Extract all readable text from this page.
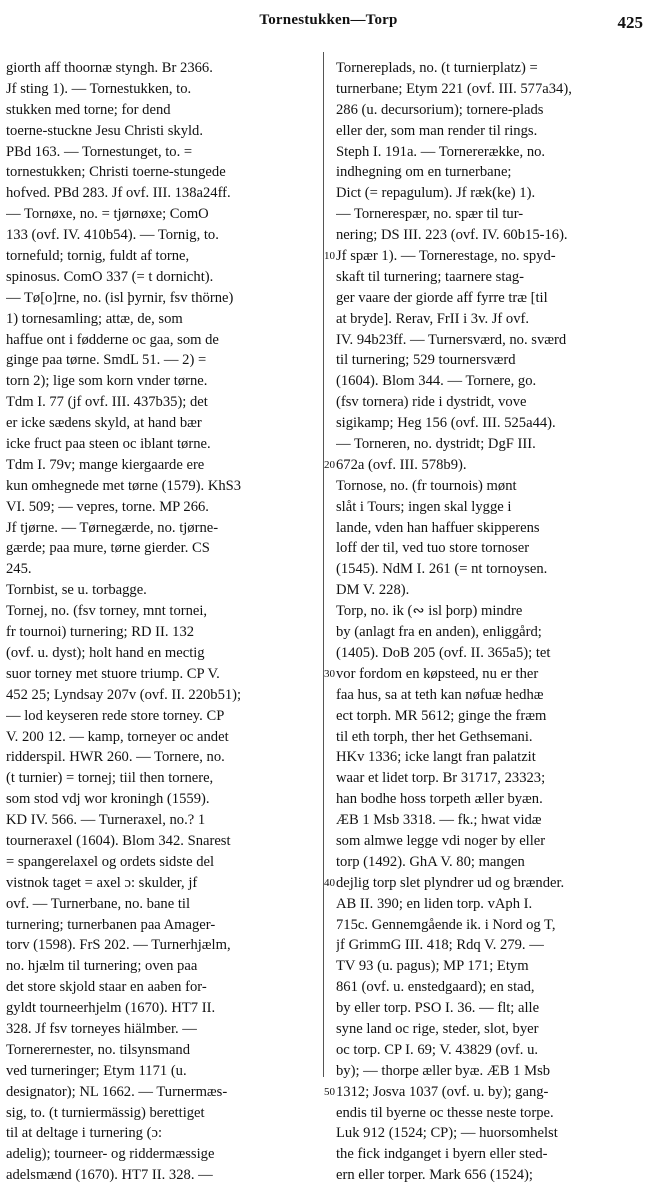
Tornestukken—Torp	425
giorth aff thoornæ styngh. Br 2366.
Jf sting 1). — Tornestukken, to.
stukken med torne; for dend
toerne-stuckne Jesu Christi skyld.
PBd 163. — Tornestunget, to. =
tornestukken; Christi toerne-stungede
hofved. PBd 283. Jf ovf. III. 138a24ff.
— Tornøxe, no. = tjørnøxe; ComO
133 (ovf. IV. 410b54). — Tornig, to.
tornefuld; tornig, fuldt af torne,
spinosus. ComO 337 (= t dornicht).
— Tø[o]rne, no. (isl þyrnir, fsv thörne)
1) tornesamling; attæ, de, som
haffue ont i fødderne oc gaa, som de
ginge paa tørne. SmdL 51. — 2) =
torn 2); lige som korn vnder tørne.
Tdm I. 77 (jf ovf. III. 437b35); det
er icke sædens skyld, at hand bær
icke fruct paa steen oc iblant tørne.
Tdm I. 79v; mange kiergaarde ere
kun omhegnede met tørne (1579). KhS3
VI. 509; — vepres, torne. MP 266.
Jf tjørne. — Tørnegærde, no. tjørne-
gærde; paa mure, tørne gierder. CS
245.
Tornbist, se u. torbagge.
Tornej, no. (fsv torney, mnt tornei,
fr tournoi) turnering; RD II. 132
(ovf. u. dyst); holt hand en mectig
suor torney met stuore triump. CP V.
452 25; Lyndsay 207v (ovf. II. 220b51);
— lod keyseren rede store torney. CP
V. 200 12. — kamp, torneyer oc andet
ridderspil. HWR 260. — Tornere, no.
(t turnier) = tornej; tiil then tornere,
som stod vdj wor kroningh (1559).
KD IV. 566. — Turneraxel, no.? 1
tourneraxel (1604). Blom 342. Snarest
= spangerelaxel og ordets sidste del
vistnok taget = axel ɔ: skulder, jf
ovf. — Turnerbane, no. bane til
turnering; turnerbanen paa Amager-
torv (1598). FrS 202. — Turnerhjælm,
no. hjælm til turnering; oven paa
det store skjold staar en aaben for-
gyldt tourneerhjelm (1670). HT7 II.
328. Jf fsv torneyes hiälmber. —
Tornerernester, no. tilsynsmand
ved turneringer; Etym 1171 (u.
designator); NL 1662. — Turnermæs-
sig, to. (t turniermässig) berettiget
til at deltage i turnering (ɔ:
adelig); tourneer- og riddermæssige
adelsmænd (1670). HT7 II. 328. —
10
20
30
40
50
Tornereplads, no. (t turnierplatz) =
turnerbane; Etym 221 (ovf. III. 577a34),
286 (u. decursorium); tornere-plads
eller der, som man render til rings.
Steph I. 191a. — Tornererække, no.
indhegning om en turnerbane;
Dict (= repagulum). Jf ræk(ke) 1).
— Tornerespær, no. spær til tur-
nering; DS III. 223 (ovf. IV. 60b15-16).
Jf spær 1). — Tornerestage, no. spyd-
skaft til turnering; taarnere stag-
ger vaare der giorde aff fyrre træ [til
at bryde]. Rerav, FrII i 3v. Jf ovf.
IV. 94b23ff. — Turnersværd, no. sværd
til turnering; 529 tournersværd
(1604). Blom 344. — Tornere, go.
(fsv tornera) ride i dystridt, vove
sigikamp; Heg 156 (ovf. III. 525a44).
— Torneren, no. dystridt; DgF III.
672a (ovf. III. 578b9).
Tornose, no. (fr tournois) mønt
slåt i Tours; ingen skal lygge i
lande, vden han haffuer skipperens
loff der til, ved tuo store tornoser
(1545). NdM I. 261 (= nt tornoysen.
DM V. 228).
Torp, no. ik (∾ isl þorp) mindre
by (anlagt fra en anden), enliggård;
(1405). DoB 205 (ovf. II. 365a5); tet
vor fordom en køpsteed, nu er ther
faa hus, sa at teth kan nøfuæ hedhæ
ect torph. MR 5612; ginge the fræm
til eth torph, ther het Gethsemani.
HKv 1336; icke langt fran palatzit
waar et lidet torp. Br 31717, 23323;
han bodhe hoss torpeth æller byæn.
ÆB 1 Msb 3318. — fk.; hwat vidæ
som almwe legge vdi noger by eller
torp (1492). GhA V. 80; mangen
dejlig torp slet plyndrer ud og brænder.
AB II. 390; en liden torp. vAph I.
715c. Gennemgående ik. i Nord og T,
jf GrimmG III. 418; Rdq V. 279. —
TV 93 (u. pagus); MP 171; Etym
861 (ovf. u. enstedgaard); en stad,
by eller torp. PSO I. 36. — flt; alle
syne land oc rige, steder, slot, byer
oc torp. CP I. 69; V. 43829 (ovf. u.
by); — thorpe æller byæ. ÆB 1 Msb
1312; Josva 1037 (ovf. u. by); gang-
endis til byerne oc thesse neste torpe.
Luk 912 (1524; CP); — huorsomhelst
the fick indganget i byern eller sted-
ern eller torper. Mark 656 (1524);
